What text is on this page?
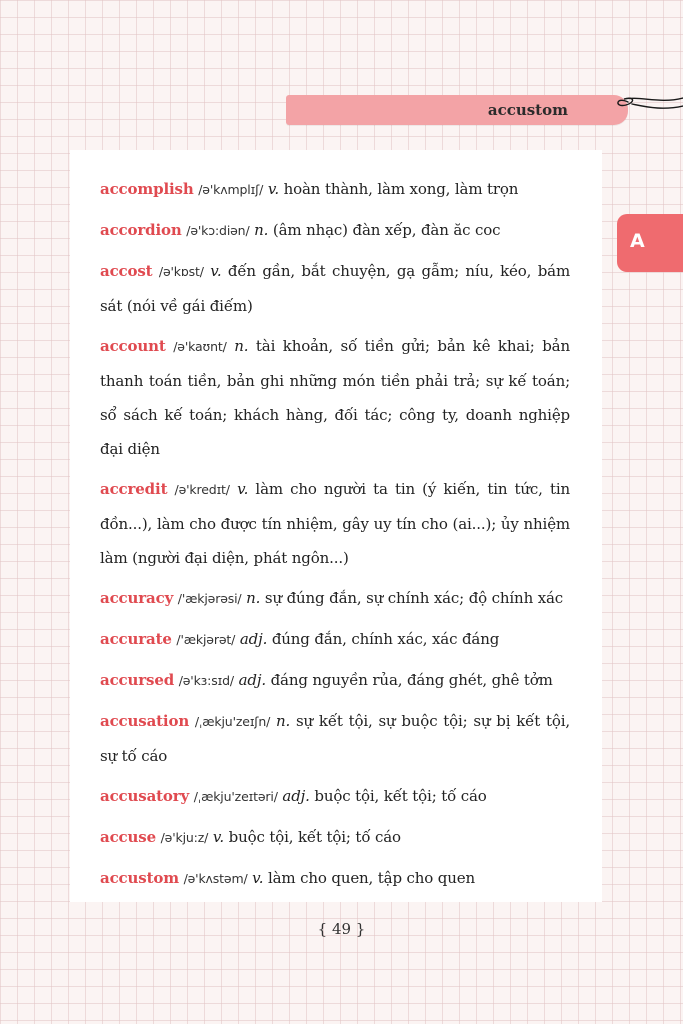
accustom
A

accomplish /ə'kʌmplɪʃ/ v. hoàn thành, làm xong, làm trọn

accordion /ə'kɔ:diən/ n. (âm nhạc) đàn xếp, đàn ăc coc

accost /ə'kɒst/ v. đến gần, bắt chuyện, gạ gẫm; níu, kéo, bám sát (nói về gái điếm)

account /ə'kaʊnt/ n. tài khoản, số tiền gửi; bản kê khai; bản thanh toán tiền, bản ghi những món tiền phải trả; sự kế toán; sổ sách kế toán; khách hàng, đối tác; công ty, doanh nghiệp đại diện

accredit /ə'kredɪt/ v. làm cho người ta tin (ý kiến, tin tức, tin đồn...), làm cho được tín nhiệm, gây uy tín cho (ai...); ủy nhiệm làm (người đại diện, phát ngôn...)

accuracy /'ækjərəsi/ n. sự đúng đắn, sự chính xác; độ chính xác

accurate /'ækjərət/ adj. đúng đắn, chính xác, xác đáng

accursed /ə'kɜ:sɪd/ adj. đáng nguyền rủa, đáng ghét, ghê tởm

accusation /ˌækju'zeɪʃn/ n. sự kết tội, sự buộc tội; sự bị kết tội, sự tố cáo

accusatory /ˌækju'zeɪtəri/ adj. buộc tội, kết tội; tố cáo

accuse /ə'kju:z/ v. buộc tội, kết tội; tố cáo

accustom /ə'kʌstəm/ v. làm cho quen, tập cho quen

{ 49 }
